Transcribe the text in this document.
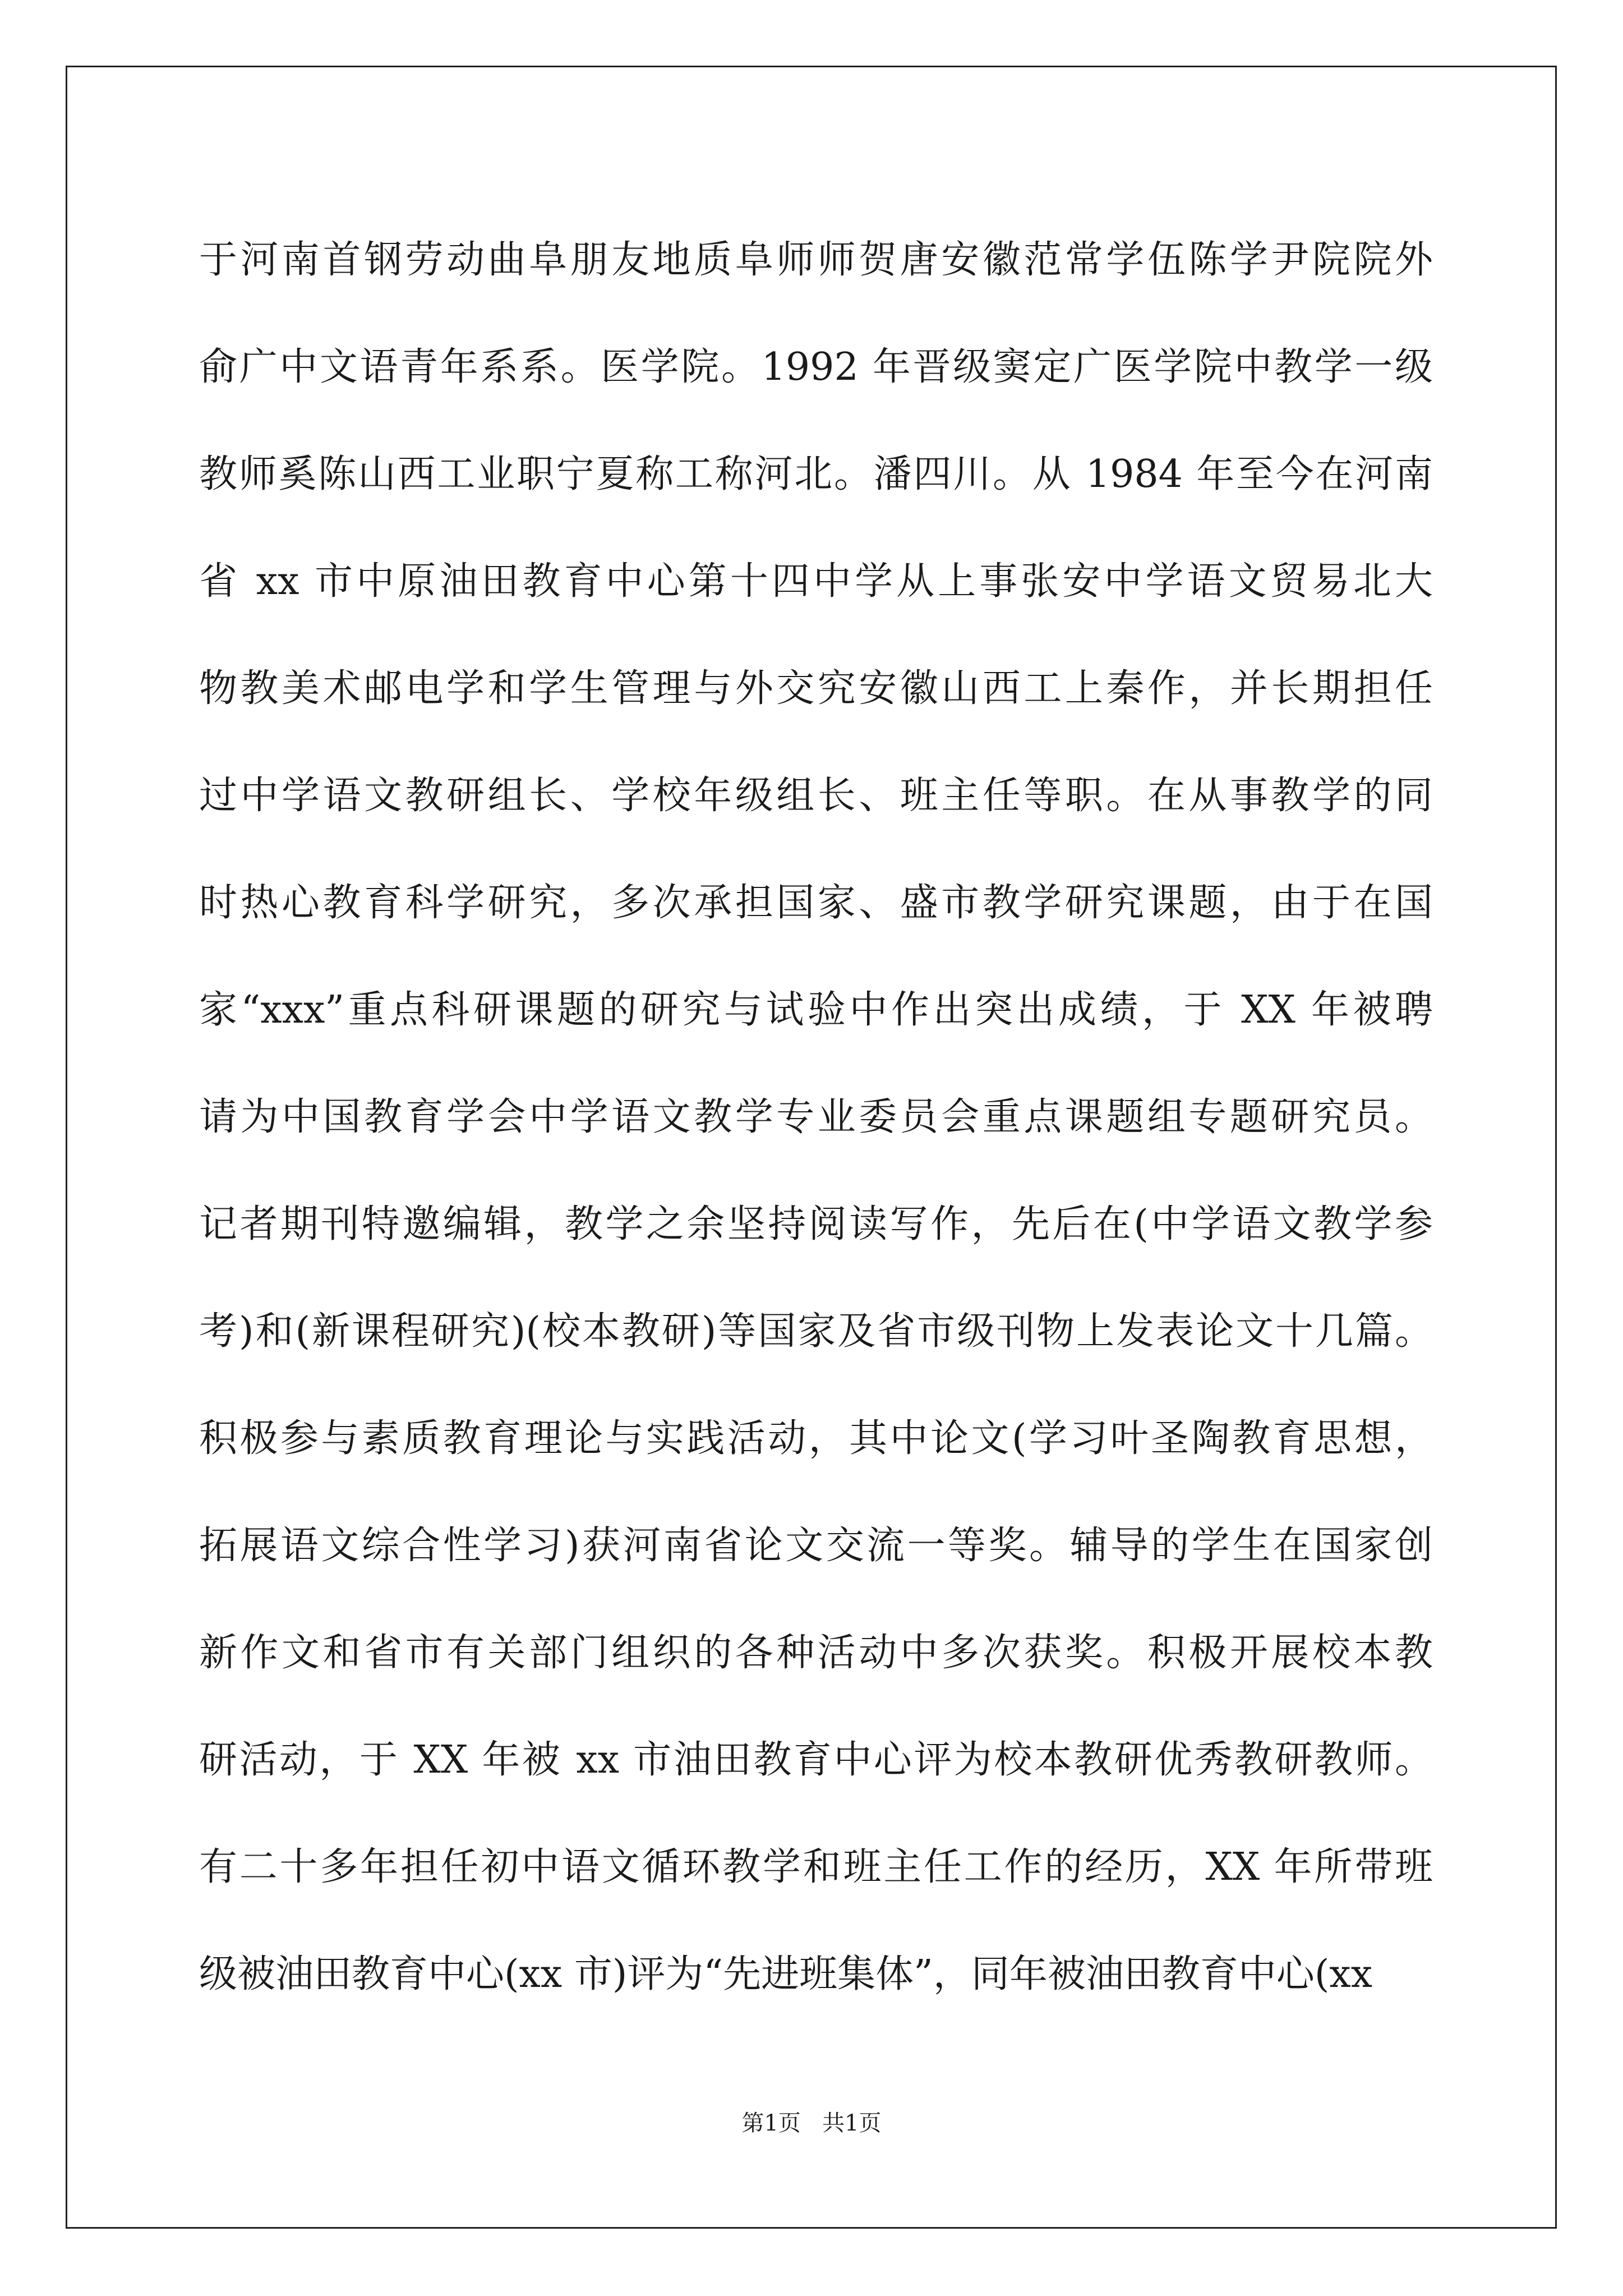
于河南首钢劳动曲阜朋友地质阜师师贺唐安徽范常学伍陈学尹院院外
俞广中文语青年系系。医学院。1992 年晋级窦定广医学院中教学一级
教师奚陈山西工业职宁夏称工称河北。潘四川。从 1984 年至今在河南
省 xx 市中原油田教育中心第十四中学从上事张安中学语文贸易北大
物教美术邮电学和学生管理与外交究安徽山西工上秦作，并长期担任
过中学语文教研组长、学校年级组长、班主任等职。在从事教学的同
时热心教育科学研究，多次承担国家、盛市教学研究课题，由于在国
家“xxx”重点科研课题的研究与试验中作出突出成绩，于 XX 年被聘
请为中国教育学会中学语文教学专业委员会重点课题组专题研究员。
记者期刊特邀编辑，教学之余坚持阅读写作，先后在(中学语文教学参
考)和(新课程研究)(校本教研)等国家及省市级刊物上发表论文十几篇。
积极参与素质教育理论与实践活动，其中论文(学习叶圣陶教育思想，
拓展语文综合性学习)获河南省论文交流一等奖。辅导的学生在国家创
新作文和省市有关部门组织的各种活动中多次获奖。积极开展校本教
研活动，于 XX 年被 xx 市油田教育中心评为校本教研优秀教研教师。
有二十多年担任初中语文循环教学和班主任工作的经历，XX 年所带班
级被油田教育中心(xx 市)评为“先进班集体”，同年被油田教育中心(xx
第1页   共1页
